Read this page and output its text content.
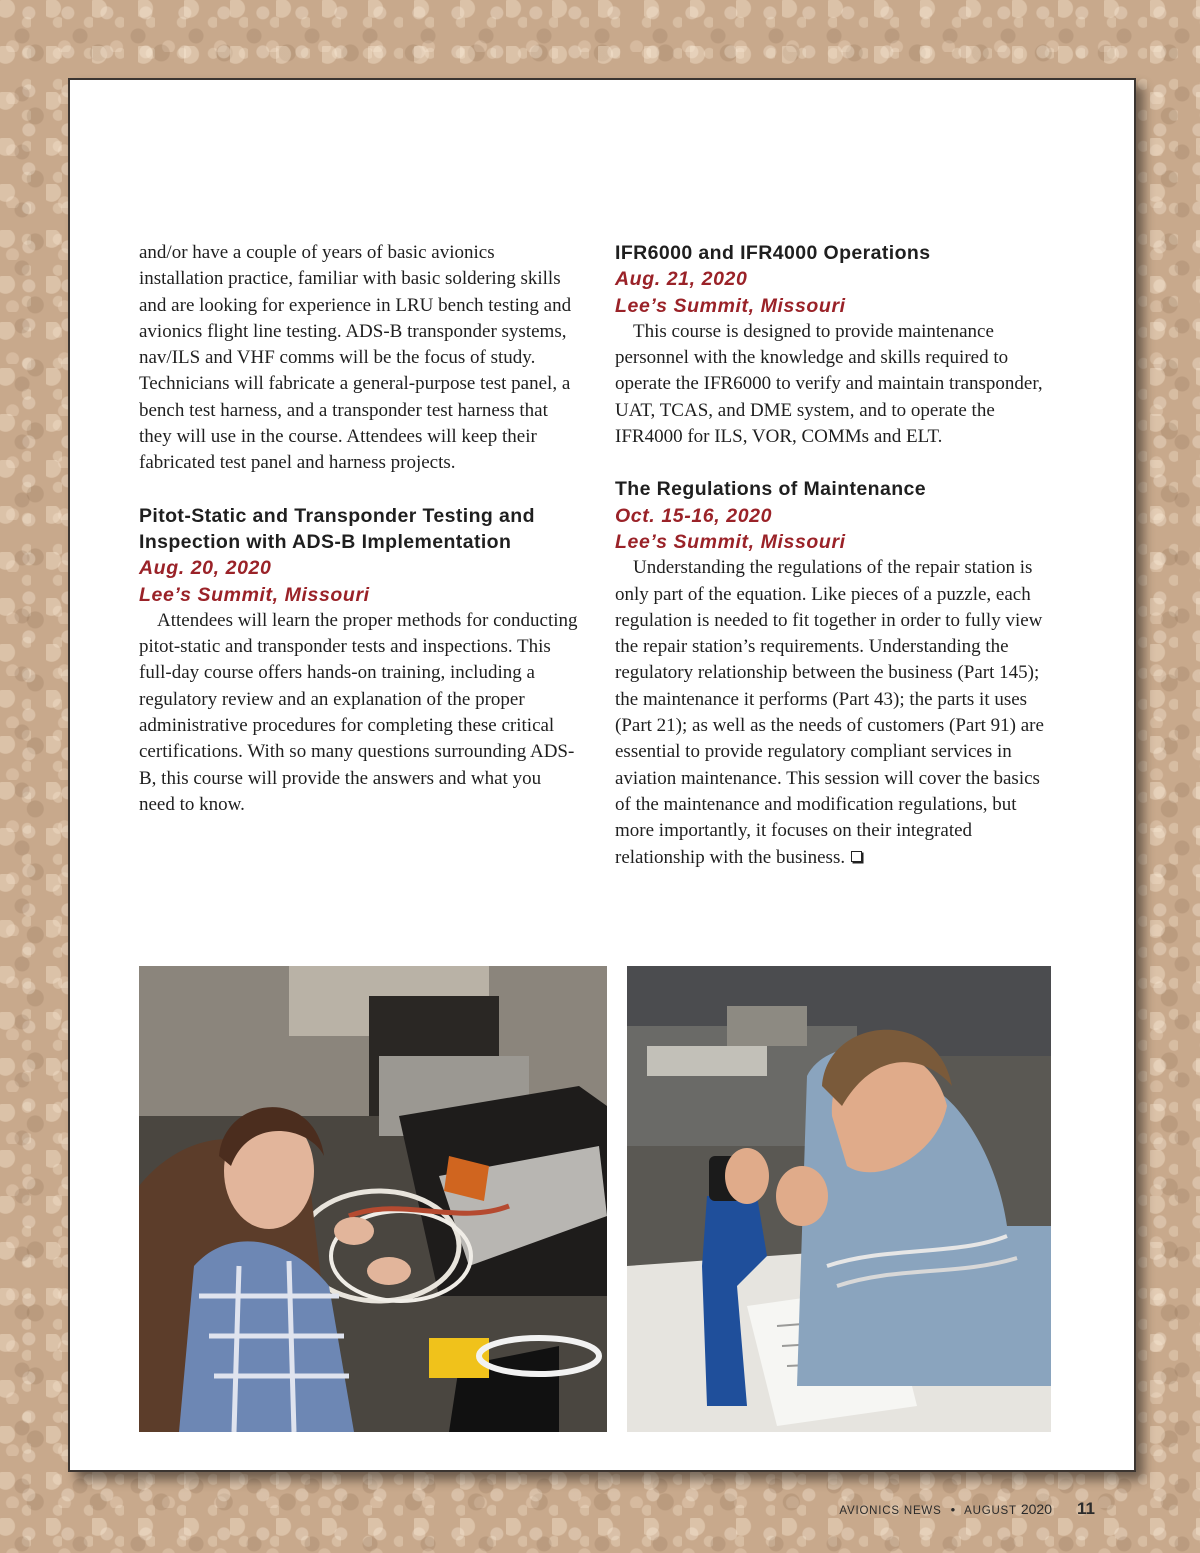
and/or have a couple of years of basic avionics installation practice, familiar with basic soldering skills and are looking for experience in LRU bench testing and avionics flight line testing. ADS-B transponder systems, nav/ILS and VHF comms will be the focus of study. Technicians will fabricate a general-purpose test panel, a bench test harness, and a transponder test harness that they will use in the course. Attendees will keep their fabricated test panel and harness projects.

Pitot-Static and Transponder Testing and Inspection with ADS-B Implementation
Aug. 20, 2020
Lee’s Summit, Missouri

Attendees will learn the proper methods for conducting pitot-static and transponder tests and inspections. This full-day course offers hands-on training, including a regulatory review and an explanation of the proper administrative procedures for completing these critical certifications. With so many questions surrounding ADS-B, this course will provide the answers and what you need to know.

IFR6000 and IFR4000 Operations
Aug. 21, 2020
Lee’s Summit, Missouri

This course is designed to provide maintenance personnel with the knowledge and skills required to operate the IFR6000 to verify and maintain transponder, UAT, TCAS, and DME system, and to operate the IFR4000 for ILS, VOR, COMMs and ELT.

The Regulations of Maintenance
Oct. 15-16, 2020
Lee’s Summit, Missouri

Understanding the regulations of the repair station is only part of the equation. Like pieces of a puzzle, each regulation is needed to fit together in order to fully view the repair station’s requirements. Understanding the regulatory relationship between the business (Part 145); the maintenance it performs (Part 43); the parts it uses (Part 21); as well as the needs of customers (Part 91) are essential to provide regulatory compliant services in aviation maintenance. This session will cover the basics of the maintenance and modification regulations, but more importantly, it focuses on their integrated relationship with the business.

AVIONICS NEWS • AUGUST 2020 11
